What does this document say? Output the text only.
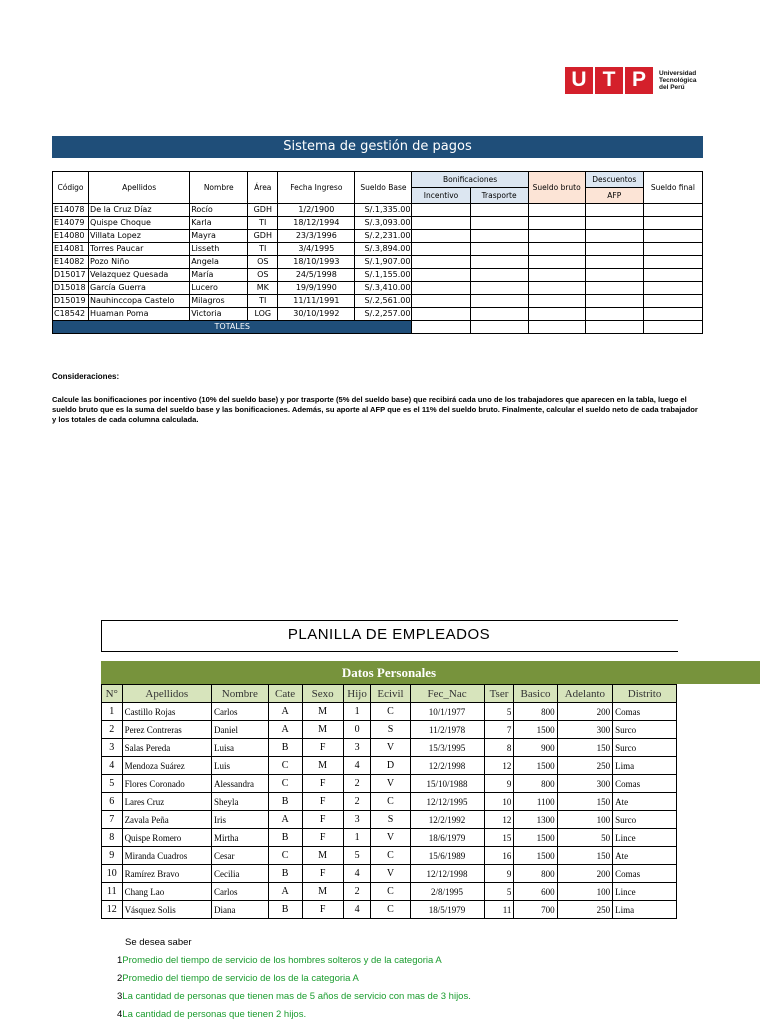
U T P	Universidad
Tecnológica
del Perú
Sistema de gestión de pagos
Código	Apellidos	Nombre	Área	Fecha Ingreso	Sueldo Base	Bonificaciones		Sueldo bruto	Descuentos	Sueldo final
						Incentivo	Trasporte		AFP	
E14078	De la Cruz Díaz	Rocío	GDH	1/2/1900	S/.1,335.00					
E14079	Quispe Choque	Karla	TI	18/12/1994	S/.3,093.00					
E14080	Villata Lopez	Mayra	GDH	23/3/1996	S/.2,231.00					
E14081	Torres Paucar	Lisseth	TI	3/4/1995	S/.3,894.00					
E14082	Pozo Niño	Angela	OS	18/10/1993	S/.1,907.00					
D15017	Velazquez Quesada	María	OS	24/5/1998	S/.1,155.00					
D15018	García Guerra	Lucero	MK	19/9/1990	S/.3,410.00					
D15019	Nauhinccopa Castelo	Milagros	TI	11/11/1991	S/.2,561.00					
C18542	Huaman Poma	Victoria	LOG	30/10/1992	S/.2,257.00					
TOTALES										
Consideraciones:
Calcule las bonificaciones por incentivo (10% del sueldo base) y por trasporte (5% del sueldo base) que recibirá cada uno de los trabajadores que aparecen en la tabla, luego el sueldo bruto que es la suma del sueldo base y las bonificaciones. Además, su aporte al AFP que es el 11% del sueldo bruto. Finalmente, calcular el sueldo neto de cada trabajador y los totales de cada columna calculada.
PLANILLA DE EMPLEADOS
Datos Personales
N°	Apellidos	Nombre	Cate	Sexo	Hijo	Ecivil	Fec_Nac	Tser	Basico	Adelanto	Distrito
1	Castillo Rojas	Carlos	A	M	1	C	10/1/1977	5	800	200	Comas
2	Perez Contreras	Daniel	A	M	0	S	11/2/1978	7	1500	300	Surco
3	Salas Pereda	Luisa	B	F	3	V	15/3/1995	8	900	150	Surco
4	Mendoza Suárez	Luis	C	M	4	D	12/2/1998	12	1500	250	Lima
5	Flores Coronado	Alessandra	C	F	2	V	15/10/1988	9	800	300	Comas
6	Lares Cruz	Sheyla	B	F	2	C	12/12/1995	10	1100	150	Ate
7	Zavala Peña	Iris	A	F	3	S	12/2/1992	12	1300	100	Surco
8	Quispe Romero	Mirtha	B	F	1	V	18/6/1979	15	1500	50	Lince
9	Miranda Cuadros	Cesar	C	M	5	C	15/6/1989	16	1500	150	Ate
10	Ramírez Bravo	Cecilia	B	F	4	V	12/12/1998	9	800	200	Comas
11	Chang Lao	Carlos	A	M	2	C	2/8/1995	5	600	100	Lince
12	Vásquez Solis	Diana	B	F	4	C	18/5/1979	11	700	250	Lima
Se desea saber
1Promedio del tiempo de servicio de los hombres solteros y de la categoria A
2Promedio del tiempo de servicio de los de la categoria A
3La cantidad de personas que tienen mas de 5 años de servicio con mas de 3 hijos.
4La cantidad de personas que tienen 2 hijos.
